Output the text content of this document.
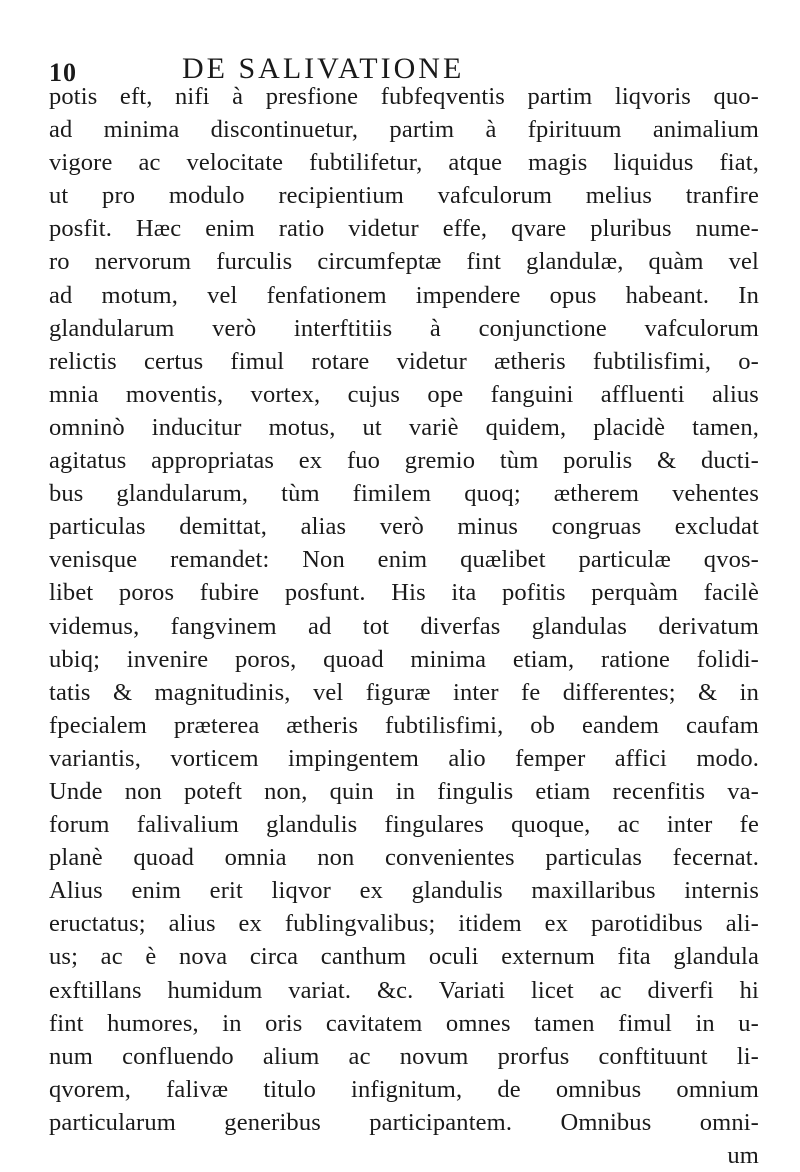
10	DE SALIVATIONE
potis eft, nifi à presfione fubfeqventis partim liqvoris quo-
ad minima discontinuetur, partim à fpirituum animalium
vigore ac velocitate fubtilifetur, atque magis liquidus fiat,
ut pro modulo recipientium vafculorum melius tranfire
posfit. Hæc enim ratio videtur effe, qvare pluribus nume-
ro nervorum furculis circumfeptæ fint glandulæ, quàm vel
ad motum, vel fenfationem impendere opus habeant. In
glandularum verò interftitiis à conjunctione vafculorum
relictis certus fimul rotare videtur ætheris fubtilisfimi, o-
mnia moventis, vortex, cujus ope fanguini affluenti alius
omninò inducitur motus, ut variè quidem, placidè tamen,
agitatus appropriatas ex fuo gremio tùm porulis & ducti-
bus glandularum, tùm fimilem quoq; ætherem vehentes
particulas demittat, alias verò minus congruas excludat
venisque remandet: Non enim quælibet particulæ qvos-
libet poros fubire posfunt. His ita pofitis perquàm facilè
videmus, fangvinem ad tot diverfas glandulas derivatum
ubiq; invenire poros, quoad minima etiam, ratione folidi-
tatis & magnitudinis, vel figuræ inter fe differentes; & in
fpecialem præterea ætheris fubtilisfimi, ob eandem caufam
variantis, vorticem impingentem alio femper affici modo.
Unde non poteft non, quin in fingulis etiam recenfitis va-
forum falivalium glandulis fingulares quoque, ac inter fe
planè quoad omnia non convenientes particulas fecernat.
Alius enim erit liqvor ex glandulis maxillaribus internis
eructatus; alius ex fublingvalibus; itidem ex parotidibus ali-
us; ac è nova circa canthum oculi externum fita glandula
exftillans humidum variat. &c. Variati licet ac diverfi hi
fint humores, in oris cavitatem omnes tamen fimul in u-
num confluendo alium ac novum prorfus conftituunt li-
qvorem, falivæ titulo infignitum, de omnibus omnium
particularum generibus participantem. Omnibus omni-
um
